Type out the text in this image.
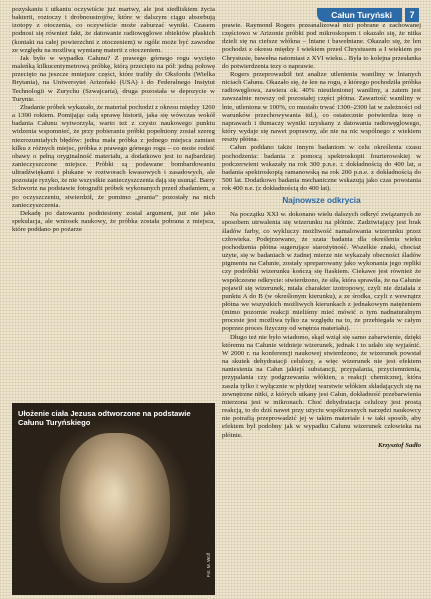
Całun Turyński	7

pozyskaniu i utkaniu oczywiście już martwy, ale jest siedliskiem życia bakterii, roztoczy i drobnoustrojów, które w dalszym ciągu absorbują izotopy z otoczenia, co oczywiście może zaburzać wyniki. Czasem podnosi się również fakt, że datowanie radiowęglowe obiektów płaskich (kontakt na całej powierzchni z otoczeniem) w ogóle może być zawodne ze względu na możliwą wymianę materii z otoczeniem.

Jak było w wypadku Całunu? Z prawego górnego rogu wycięto maleńką kilkucentymetrową próbkę, którą przecięto na pół: jedną połowę przecięto na jeszcze mniejsze części, które trafiły do Oksfordu (Wielka Brytania), na Uniwersytet Arizoński (USA) i do Federalnego Instytut Technologii w Zurychu (Szwajcaria), druga pozostała w depozycie w Turynie.

Zbadanie próbek wykazało, że materiał pochodzi z okresu między 1260 a 1390 rokiem. Pomijając całą sprawę historii, jaka się wówczas wokół badania Całunu wytworzyła, warto też z czysto naukowego punktu widzenia wspomnieć, że przy pobieraniu próbki popełniony został szereg niezrozumiałych błędów: jedna mała próbka z jednego miejsca zamiast kilku z różnych miejsc, próbka z prawego górnego rogu – co może rodzić obawy o pełną oryginalność materiału, a dodatkowo jest to najbardziej zanieczyszczone miejsce. Próbki są podawane bombardowaniu ultradźwiękami i płukane w roztworach kwasowych i zasadowych, ale pozostaje ryzyko, że nie wszystkie zanieczyszczenia dają się usunąć. Barry Schwortz na podstawie fotografii próbek wykonanych przed zbadaniem, a po oczyszczeniu, stwierdził, że pomimo „prania” pozostały na nich zanieczyszczenia.

Dekadę po datowaniu podniesiony został argument, już nie jako spekulacja, ale wniosek naukowy, że próbka została pobrana z miejsca, które poddano po pożarze

Ułożenie ciała Jezusa odtworzone na podstawie Całunu Turyńskiego
Fot. M. Wolf

prawie. Raymond Rogers przeanalizował nici pobrane z zachowanej częściowo w Arizonie próbki pod mikroskopem i okazało się, że nitka dzieli się na ciefsze włókna – lniane i bawełniane. Okazało się, że len pochodzi z okresu między I wiekiem przed Chrystusem a I wiekiem po Chrystusie, bawełna natomiast z XVI wieku... Była to kolejna przesłanka do potwierdzenia tezy o naprawie.

Rogers przeprowadził też analize utlenienia waniliny w lnianych niciach Całunu. Okazało się, że len na rogu, z którego pochodziła próbka radiowęglowa, zawiera ok. 40% nieutlenionej waniliny, a zatem jest zawszalnie nowszy od pozostałej części płótna. Zawartość waniliny w lnie, utleniona w 100%, co musiało trwać 1300–2300 lat w zależności od warunków przechowywania itd.), co ostatecznie potwierdza tezę o naprawach i tłumaczy wyniki uzyskany z datowania radiowęglowego, który wydaje się nawet poprawny, ale nie na nic wspólnego z wiekiem reszty płótna.

Całun poddano także innym badaniom w celu określenia czasu pochodzenia: badania z pomocą spektroskopii fourierowskiej w podczerwieni wskazały na rok 300 p.n.e. ± dokładnością do 400 lat, a badania spektroskopią ramanowską na rok 200 p.n.e. z dokładnością do 500 lat. Dodatkowo badania mechaniczne wskazują jako czas powstania rok 400 n.e. (z dokładnością do 400 lat).

Najnowsze odkrycia

Na początku XXI w. dokonano wielu dalszych odkryć związanych ze sposobem utrwalenia się wizerunku na płótnie. Zadziwiający jest brak śladów farby, co wykluczy możliwość namalowania wizerunku przez człowieka. Podejrzewano, że szata badania dla określenia wieku pochodzenia płótna sugerujące starożytność. Wszelkie znaki, chociaż użyte, się w badaniach w żadnej mierze nie wykazały obecności śladów pigmentu na Całunie, zostały spreparowany jako wykonania jego repliki czy podróbki wizerunku kończą się fiaskiem. Ciekawe jest również że współczesne odkrycie: stwierdzono, że siła, która sprawiła, że na Całunie pojawił się wizerunek, miała charakter izotropowy, czyli nie działała z punktu A do B (w określonym kierunku), a ze środka, czyli z wewnątrz płótna we wszystkich możliwych kierunkach z jednakowym natężeniem (mimo pozornie reakcji mieliśmy mieć mówić o tym nadnaturalnym procesie jest możliwa tylko za względu na to, że przebiegała w całym poprzez proces fizyczny od wnętrza materiału).

Długo też nie było wiadomo, skąd wziął się samo zabarwienie, dzięki któremu na Całunie widnieje wizerunek, jednak i to udało się wyjaśnić. W 2000 r. na konferencji naukowej stwierdzono, że wizerunek powstał na skutek dehydratacji celulozy, a więc wizerunek nie jest efektem naniesienia na Całun jakiejś substancji, przypalania, przyciemnienia, przypalania czy podgrzewania włókien, a reakcji chemicznej, która zaszła tylko i wyłącznie w płytkiej warstwie włókien składających się na zewnętrzne nitki, z których utkany jest Całun, dokładność przebarwienia mierzona jest w mikronach. Choć dehydratacja celulozy jest prostą reakcją, to do dziś nawet przy użyciu współczesnych narzędzi naukowcy nie potrafią przeprowadzić jej w takim materiale i w taki sposób, aby efektem był podobny jak w wypadku Całunu wizerunek człowieka na płótnie.

Krzysztof Sadło
